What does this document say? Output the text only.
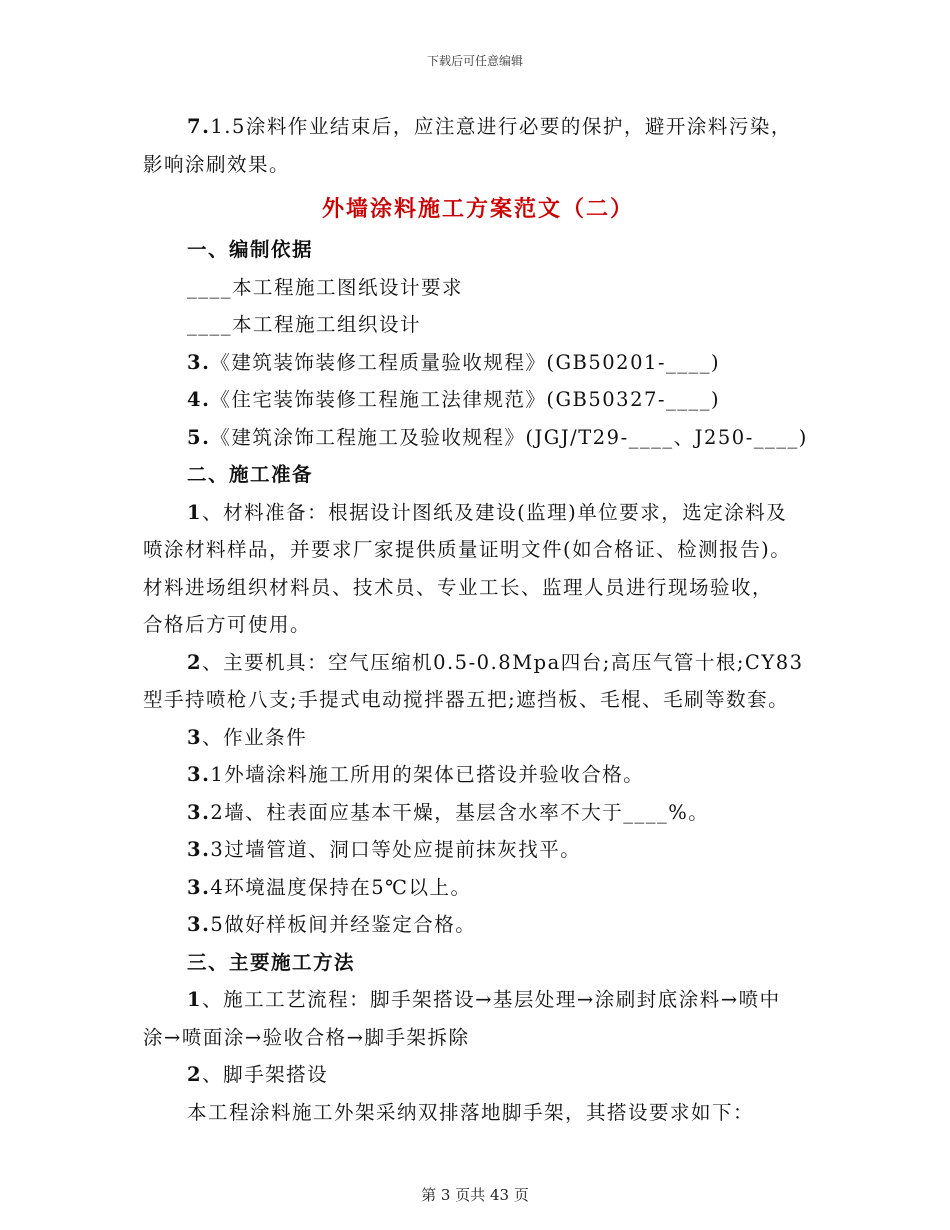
下载后可任意编辑

7.1.5涂料作业结束后，应注意进行必要的保护，避开涂料污染，

影响涂刷效果。

外墙涂料施工方案范文（二）

一、编制依据

____本工程施工图纸设计要求

____本工程施工组织设计

3.《建筑装饰装修工程质量验收规程》(GB50201-____)

4.《住宅装饰装修工程施工法律规范》(GB50327-____)

5.《建筑涂饰工程施工及验收规程》(JGJ/T29-____、J250-____)

二、施工准备

1、材料准备：根据设计图纸及建设(监理)单位要求，选定涂料及

喷涂材料样品，并要求厂家提供质量证明文件(如合格证、检测报告)。

材料进场组织材料员、技术员、专业工长、监理人员进行现场验收，

合格后方可使用。

2、主要机具：空气压缩机0.5-0.8Mpa四台;高压气管十根;CY83

型手持喷枪八支;手提式电动搅拌器五把;遮挡板、毛棍、毛刷等数套。

3、作业条件

3.1外墙涂料施工所用的架体已搭设并验收合格。

3.2墙、柱表面应基本干燥，基层含水率不大于____%。

3.3过墙管道、洞口等处应提前抹灰找平。

3.4环境温度保持在5℃以上。

3.5做好样板间并经鉴定合格。

三、主要施工方法

1、施工工艺流程：脚手架搭设→基层处理→涂刷封底涂料→喷中

涂→喷面涂→验收合格→脚手架拆除

2、脚手架搭设

本工程涂料施工外架采纳双排落地脚手架，其搭设要求如下：

第 3 页共 43 页
